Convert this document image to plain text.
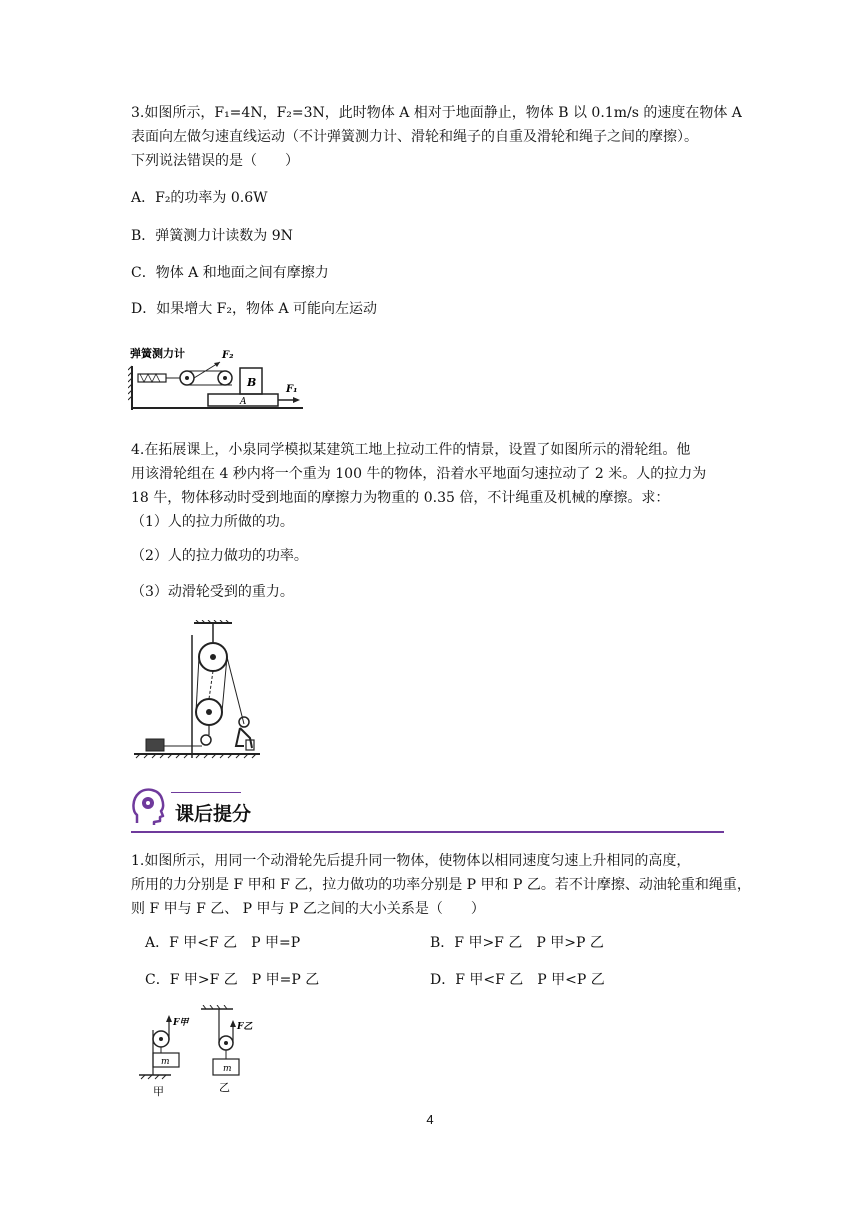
3.如图所示，F₁=4N，F₂=3N，此时物体 A 相对于地面静止，物体 B 以 0.1m/s 的速度在物体 A
表面向左做匀速直线运动（不计弹簧测力计、滑轮和绳子的自重及滑轮和绳子之间的摩擦）。
下列说法错误的是（　　）
A．F₂的功率为 0.6W
B．弹簧测力计读数为 9N
C．物体 A 和地面之间有摩擦力
D．如果增大 F₂，物体 A 可能向左运动
弹簧测力计	F₂
B
A
F₁
4.在拓展课上，小泉同学模拟某建筑工地上拉动工件的情景，设置了如图所示的滑轮组。他
用该滑轮组在 4 秒内将一个重为 100 牛的物体，沿着水平地面匀速拉动了 2 米。人的拉力为
18 牛，物体移动时受到地面的摩擦力为物重的 0.35 倍，不计绳重及机械的摩擦。求：
（1）人的拉力所做的功。
（2）人的拉力做功的功率。
（3）动滑轮受到的重力。
课后提分
1.如图所示，用同一个动滑轮先后提升同一物体，使物体以相同速度匀速上升相同的高度，
所用的力分别是 F 甲和 F 乙，拉力做功的功率分别是 P 甲和 P 乙。若不计摩擦、动油轮重和绳重，
则 F 甲与 F 乙、 P 甲与 P 乙之间的大小关系是（　　）
A．F 甲<F 乙　P 甲=P	B．F 甲>F 乙　P 甲>P 乙
C．F 甲>F 乙　P 甲=P 乙	D．F 甲<F 乙　P 甲<P 乙
F甲
m
甲
F乙
m
乙
4
